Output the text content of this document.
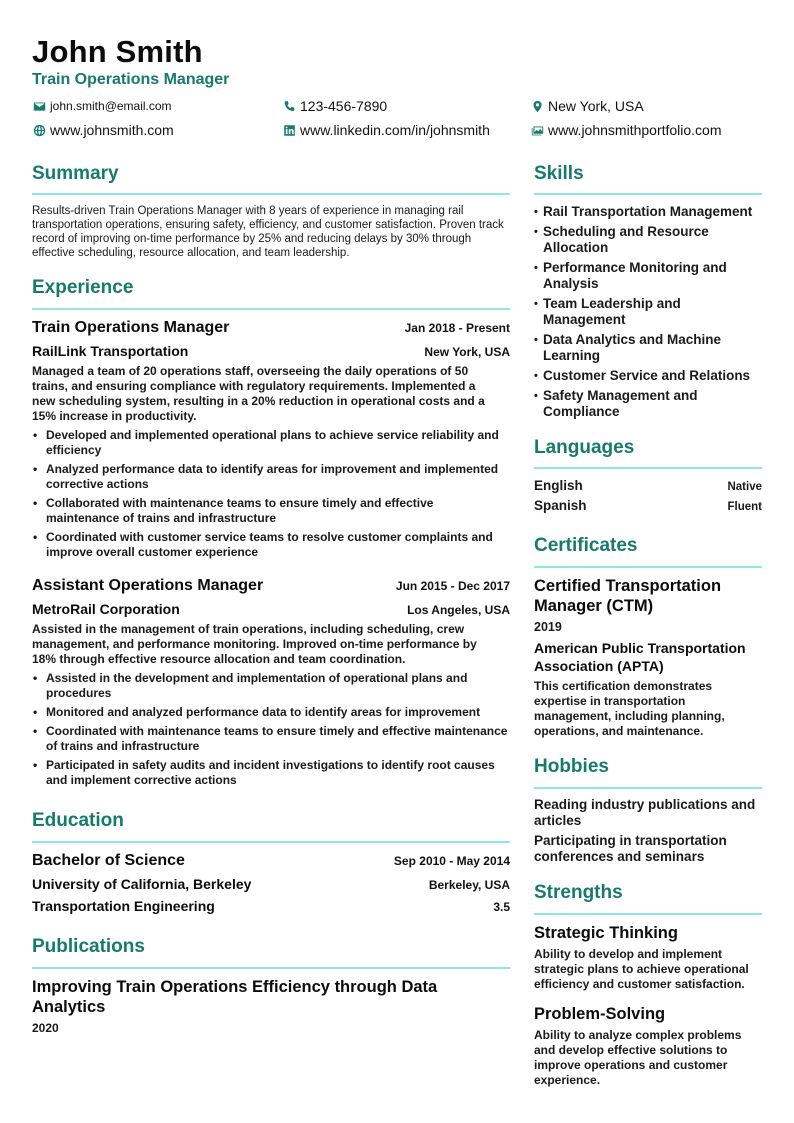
John Smith
Train Operations Manager
john.smith@email.com	123-456-7890	New York, USA
www.johnsmith.com	www.linkedin.com/in/johnsmith	www.johnsmithportfolio.com
Summary
Results-driven Train Operations Manager with 8 years of experience in managing rail transportation operations, ensuring safety, efficiency, and customer satisfaction. Proven track record of improving on-time performance by 25% and reducing delays by 30% through effective scheduling, resource allocation, and team leadership.
Experience
Train Operations Manager	Jan 2018 - Present
RailLink Transportation	New York, USA
Managed a team of 20 operations staff, overseeing the daily operations of 50 trains, and ensuring compliance with regulatory requirements. Implemented a new scheduling system, resulting in a 20% reduction in operational costs and a 15% increase in productivity.
• Developed and implemented operational plans to achieve service reliability and efficiency
• Analyzed performance data to identify areas for improvement and implemented corrective actions
• Collaborated with maintenance teams to ensure timely and effective maintenance of trains and infrastructure
• Coordinated with customer service teams to resolve customer complaints and improve overall customer experience
Assistant Operations Manager	Jun 2015 - Dec 2017
MetroRail Corporation	Los Angeles, USA
Assisted in the management of train operations, including scheduling, crew management, and performance monitoring. Improved on-time performance by 18% through effective resource allocation and team coordination.
• Assisted in the development and implementation of operational plans and procedures
• Monitored and analyzed performance data to identify areas for improvement
• Coordinated with maintenance teams to ensure timely and effective maintenance of trains and infrastructure
• Participated in safety audits and incident investigations to identify root causes and implement corrective actions
Education
Bachelor of Science	Sep 2010 - May 2014
University of California, Berkeley	Berkeley, USA
Transportation Engineering	3.5
Publications
Improving Train Operations Efficiency through Data Analytics
2020
Skills
• Rail Transportation Management
• Scheduling and Resource Allocation
• Performance Monitoring and Analysis
• Team Leadership and Management
• Data Analytics and Machine Learning
• Customer Service and Relations
• Safety Management and Compliance
Languages
English	Native
Spanish	Fluent
Certificates
Certified Transportation Manager (CTM)
2019
American Public Transportation Association (APTA)
This certification demonstrates expertise in transportation management, including planning, operations, and maintenance.
Hobbies
Reading industry publications and articles
Participating in transportation conferences and seminars
Strengths
Strategic Thinking
Ability to develop and implement strategic plans to achieve operational efficiency and customer satisfaction.
Problem-Solving
Ability to analyze complex problems and develop effective solutions to improve operations and customer experience.
